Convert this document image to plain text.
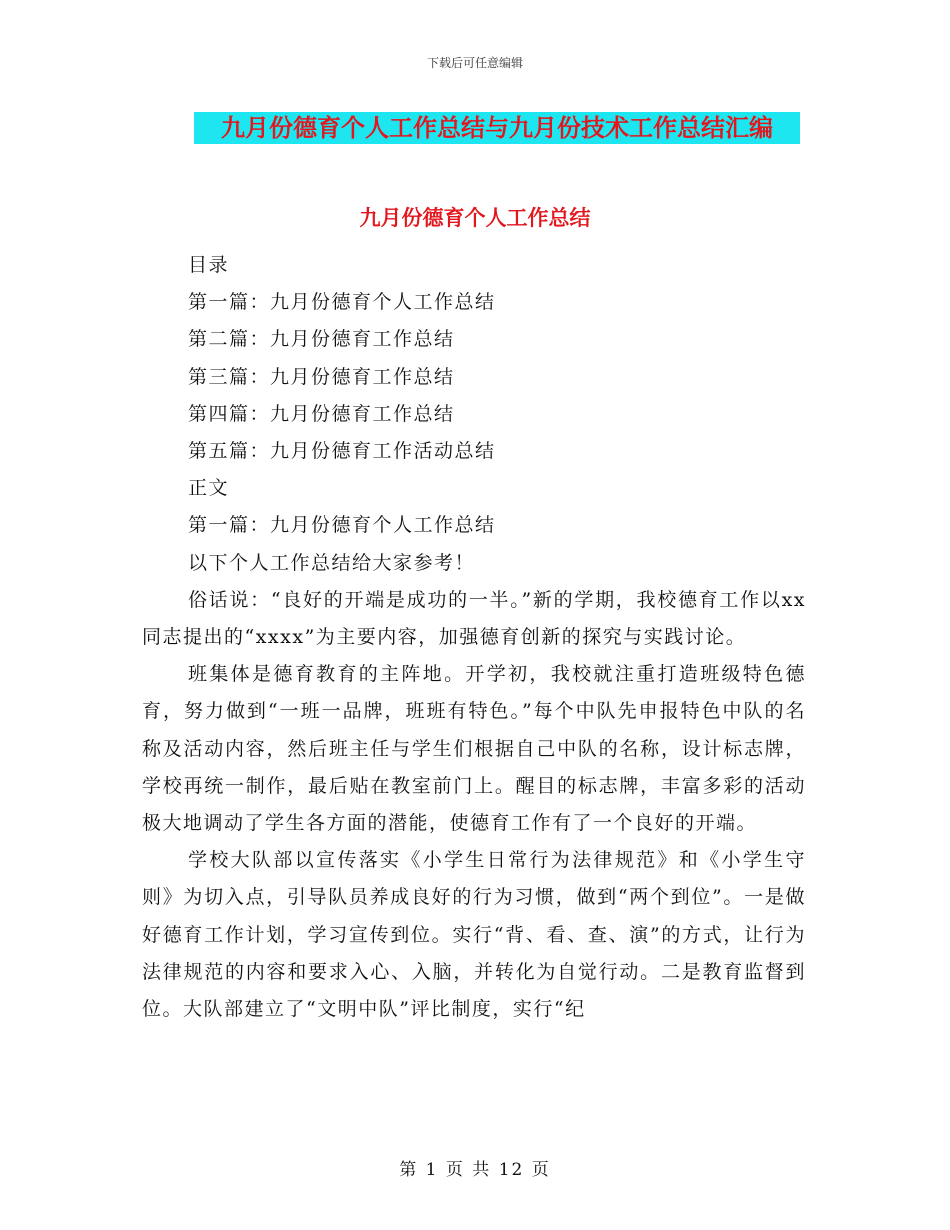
下载后可任意编辑
九月份德育个人工作总结与九月份技术工作总结汇编
九月份德育个人工作总结
目录
第一篇：九月份德育个人工作总结
第二篇：九月份德育工作总结
第三篇：九月份德育工作总结
第四篇：九月份德育工作总结
第五篇：九月份德育工作活动总结
正文
第一篇：九月份德育个人工作总结
以下个人工作总结给大家参考！

俗话说：“良好的开端是成功的一半。”新的学期，我校德育工作以xx同志提出的“xxxx”为主要内容，加强德育创新的探究与实践讨论。

班集体是德育教育的主阵地。开学初，我校就注重打造班级特色德育，努力做到“一班一品牌，班班有特色。”每个中队先申报特色中队的名称及活动内容，然后班主任与学生们根据自己中队的名称，设计标志牌，学校再统一制作，最后贴在教室前门上。醒目的标志牌，丰富多彩的活动极大地调动了学生各方面的潜能，使德育工作有了一个良好的开端。

学校大队部以宣传落实《小学生日常行为法律规范》和《小学生守则》为切入点，引导队员养成良好的行为习惯，做到“两个到位”。一是做好德育工作计划，学习宣传到位。实行“背、看、查、演”的方式，让行为法律规范的内容和要求入心、入脑，并转化为自觉行动。二是教育监督到位。大队部建立了“文明中队”评比制度，实行“纪

第 1 页 共 12 页
